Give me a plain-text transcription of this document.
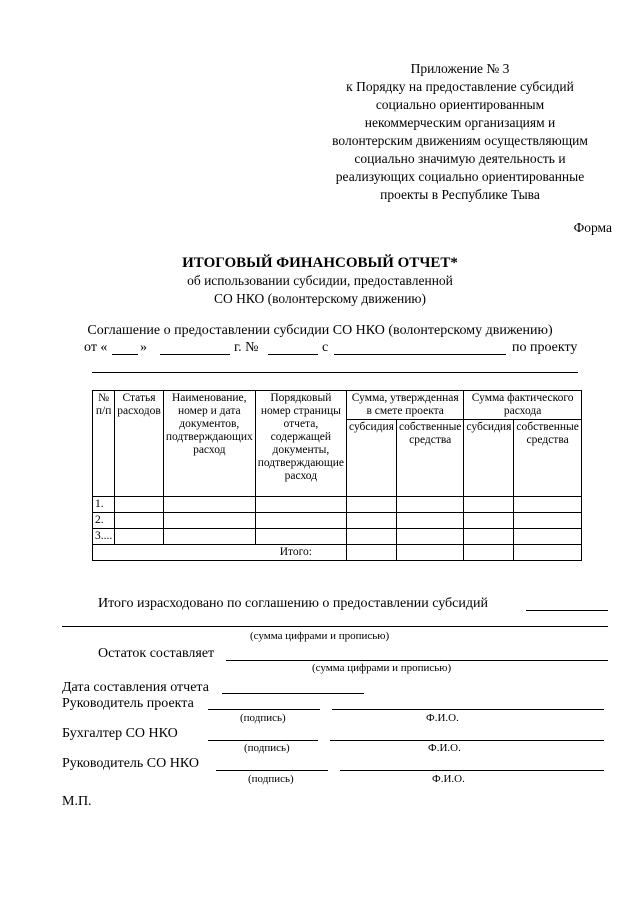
Приложение № 3
к Порядку на предоставление субсидий
социально ориентированным
некоммерческим организациям и
волонтерским движениям осуществляющим
социально значимую деятельность и
реализующих социально ориентированные
проекты в Республике Тыва
Форма
ИТОГОВЫЙ ФИНАНСОВЫЙ ОТЧЕТ*
об использовании субсидии, предоставленной
СО НКО (волонтерскому движению)
Соглашение о предоставлении субсидии СО НКО (волонтерскому движению)
от « »	г. №	с	по проекту
№ п/п	Статья расходов	Наименование, номер и дата документов, подтверждающих расход	Порядковый номер страницы отчета, содержащей документы, подтверждающие расход	Сумма, утвержденная в смете проекта		Сумма фактического расхода	
				субсидия	собственные средства	субсидия	собственные средства
1.							
2.							
3....							
Итого:							
Итого израсходовано по соглашению о предоставлении субсидий
(сумма цифрами и прописью)
Остаток составляет
(сумма цифрами и прописью)
Дата составления отчета
Руководитель проекта
(подпись)	Ф.И.О.
Бухгалтер СО НКО
(подпись)	Ф.И.О.
Руководитель СО НКО
(подпись)	Ф.И.О.
М.П.
